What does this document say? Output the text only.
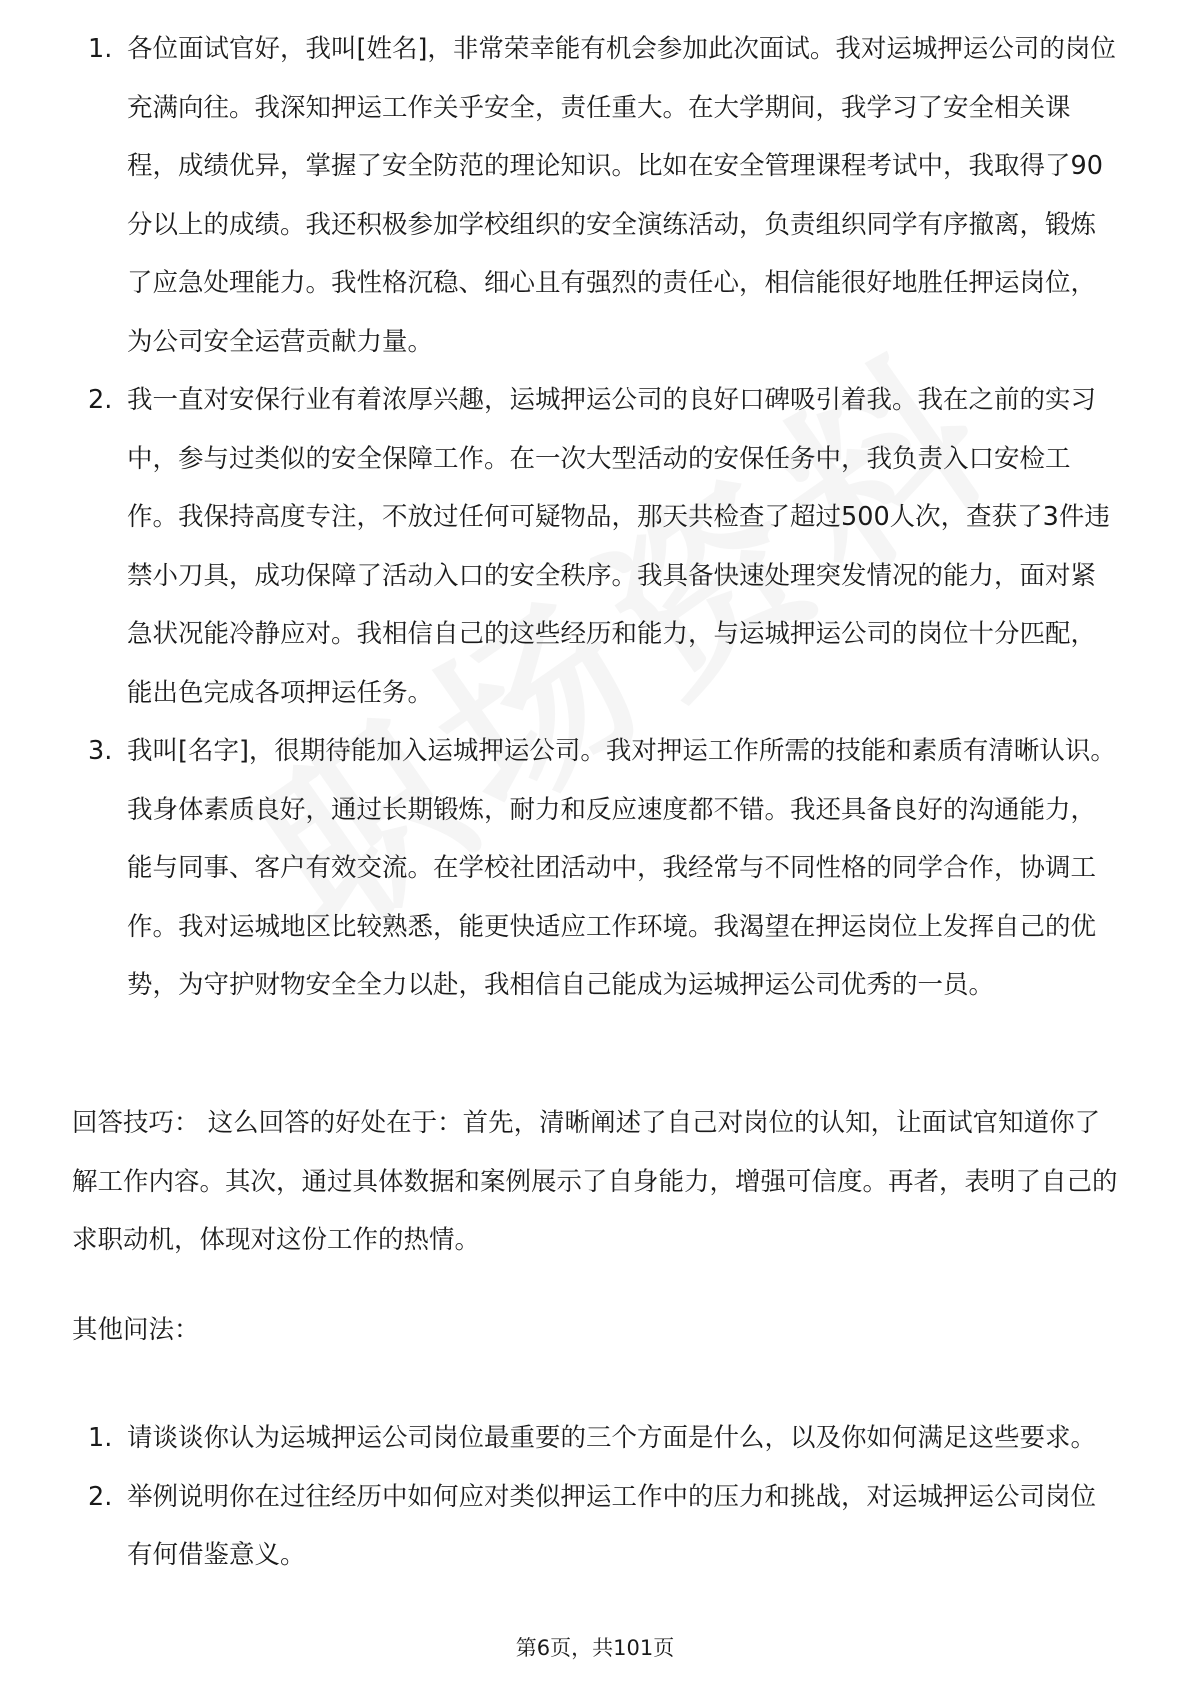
1. 各位面试官好，我叫[姓名]，非常荣幸能有机会参加此次面试。我对运城押运公司的岗位充满向往。我深知押运工作关乎安全，责任重大。在大学期间，我学习了安全相关课程，成绩优异，掌握了安全防范的理论知识。比如在安全管理课程考试中，我取得了90分以上的成绩。我还积极参加学校组织的安全演练活动，负责组织同学有序撤离，锻炼了应急处理能力。我性格沉稳、细心且有强烈的责任心，相信能很好地胜任押运岗位，为公司安全运营贡献力量。
2. 我一直对安保行业有着浓厚兴趣，运城押运公司的良好口碑吸引着我。我在之前的实习中，参与过类似的安全保障工作。在一次大型活动的安保任务中，我负责入口安检工作。我保持高度专注，不放过任何可疑物品，那天共检查了超过500人次，查获了3件违禁小刀具，成功保障了活动入口的安全秩序。我具备快速处理突发情况的能力，面对紧急状况能冷静应对。我相信自己的这些经历和能力，与运城押运公司的岗位十分匹配，能出色完成各项押运任务。
3. 我叫[名字]，很期待能加入运城押运公司。我对押运工作所需的技能和素质有清晰认识。我身体素质良好，通过长期锻炼，耐力和反应速度都不错。我还具备良好的沟通能力，能与同事、客户有效交流。在学校社团活动中，我经常与不同性格的同学合作，协调工作。我对运城地区比较熟悉，能更快适应工作环境。我渴望在押运岗位上发挥自己的优势，为守护财物安全全力以赴，我相信自己能成为运城押运公司优秀的一员。

回答技巧： 这么回答的好处在于：首先，清晰阐述了自己对岗位的认知，让面试官知道你了解工作内容。其次，通过具体数据和案例展示了自身能力，增强可信度。再者，表明了自己的求职动机，体现对这份工作的热情。

其他问法：

1. 请谈谈你认为运城押运公司岗位最重要的三个方面是什么，以及你如何满足这些要求。
2. 举例说明你在过往经历中如何应对类似押运工作中的压力和挑战，对运城押运公司岗位有何借鉴意义。
第6页，共101页
